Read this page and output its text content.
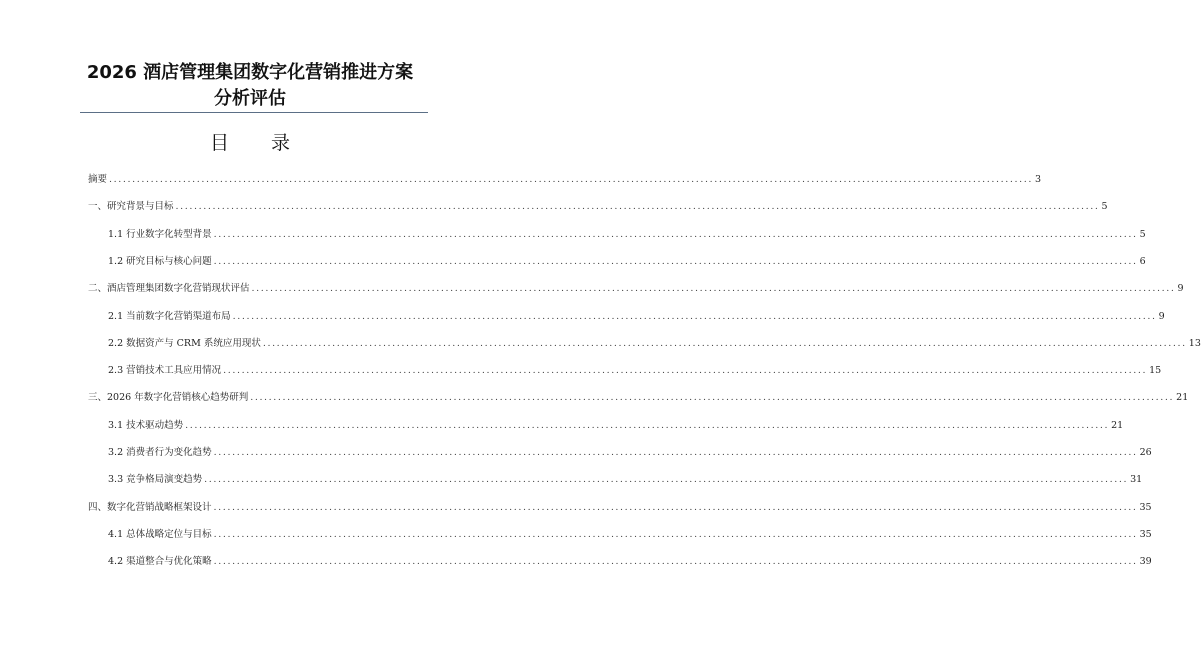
2026 酒店管理集团数字化营销推进方案
分析评估
目 录
摘要 ........................................................................................................................................................................................................ 3
一、研究背景与目标 ........................................................................................................................................................................................................ 5
1.1 行业数字化转型背景 ........................................................................................................................................................................................................ 5
1.2 研究目标与核心问题 ........................................................................................................................................................................................................ 6
二、酒店管理集团数字化营销现状评估 ........................................................................................................................................................................................................ 9
2.1 当前数字化营销渠道布局 ........................................................................................................................................................................................................ 9
2.2 数据资产与 CRM 系统应用现状 ........................................................................................................................................................................................................ 13
2.3 营销技术工具应用情况 ........................................................................................................................................................................................................ 15
三、2026 年数字化营销核心趋势研判 ........................................................................................................................................................................................................ 21
3.1 技术驱动趋势 ........................................................................................................................................................................................................ 21
3.2 消费者行为变化趋势 ........................................................................................................................................................................................................ 26
3.3 竞争格局演变趋势 ........................................................................................................................................................................................................ 31
四、数字化营销战略框架设计 ........................................................................................................................................................................................................ 35
4.1 总体战略定位与目标 ........................................................................................................................................................................................................ 35
4.2 渠道整合与优化策略 ........................................................................................................................................................................................................ 39
